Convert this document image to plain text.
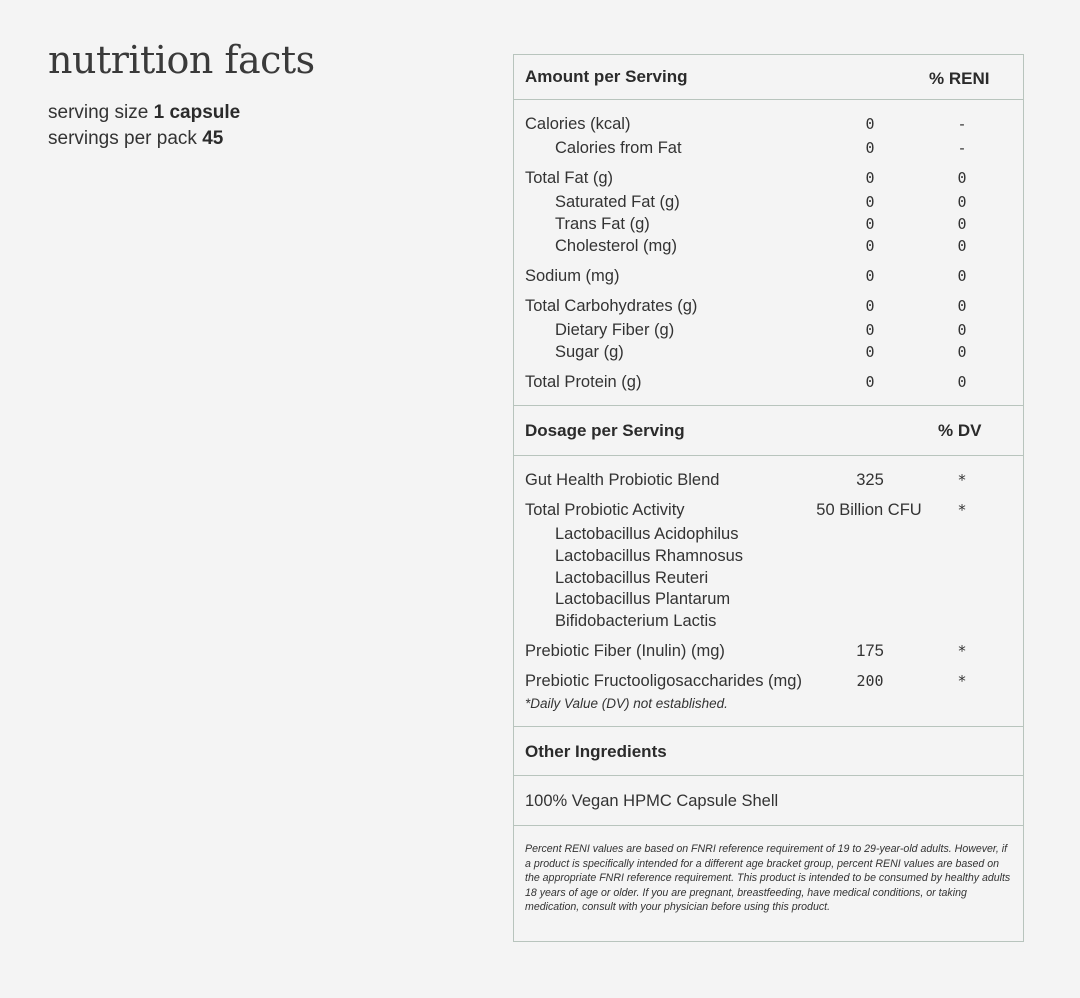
nutrition facts
serving size 1 capsule
servings per pack 45
Amount per Serving	% RENI
Calories (kcal)	0	-
Calories from Fat	0	-
Total Fat (g)	0	0
Saturated Fat (g)	0	0
Trans Fat (g)	0	0
Cholesterol (mg)	0	0
Sodium (mg)	0	0
Total Carbohydrates (g)	0	0
Dietary Fiber (g)	0	0
Sugar (g)	0	0
Total Protein (g)	0	0
Dosage per Serving	% DV
Gut Health Probiotic Blend	325	*
Total Probiotic Activity	50 Billion CFU	*
Lactobacillus Acidophilus
Lactobacillus Rhamnosus
Lactobacillus Reuteri
Lactobacillus Plantarum
Bifidobacterium Lactis
Prebiotic Fiber (Inulin) (mg)	175	*
Prebiotic Fructooligosaccharides (mg)	200	*
*Daily Value (DV) not established.
Other Ingredients
100% Vegan HPMC Capsule Shell
Percent RENI values are based on FNRI reference requirement of 19 to 29-year-old adults. However, if a product is specifically intended for a different age bracket group, percent RENI values are based on the appropriate FNRI reference requirement. This product is intended to be consumed by healthy adults 18 years of age or older. If you are pregnant, breastfeeding, have medical conditions, or taking medication, consult with your physician before using this product.
